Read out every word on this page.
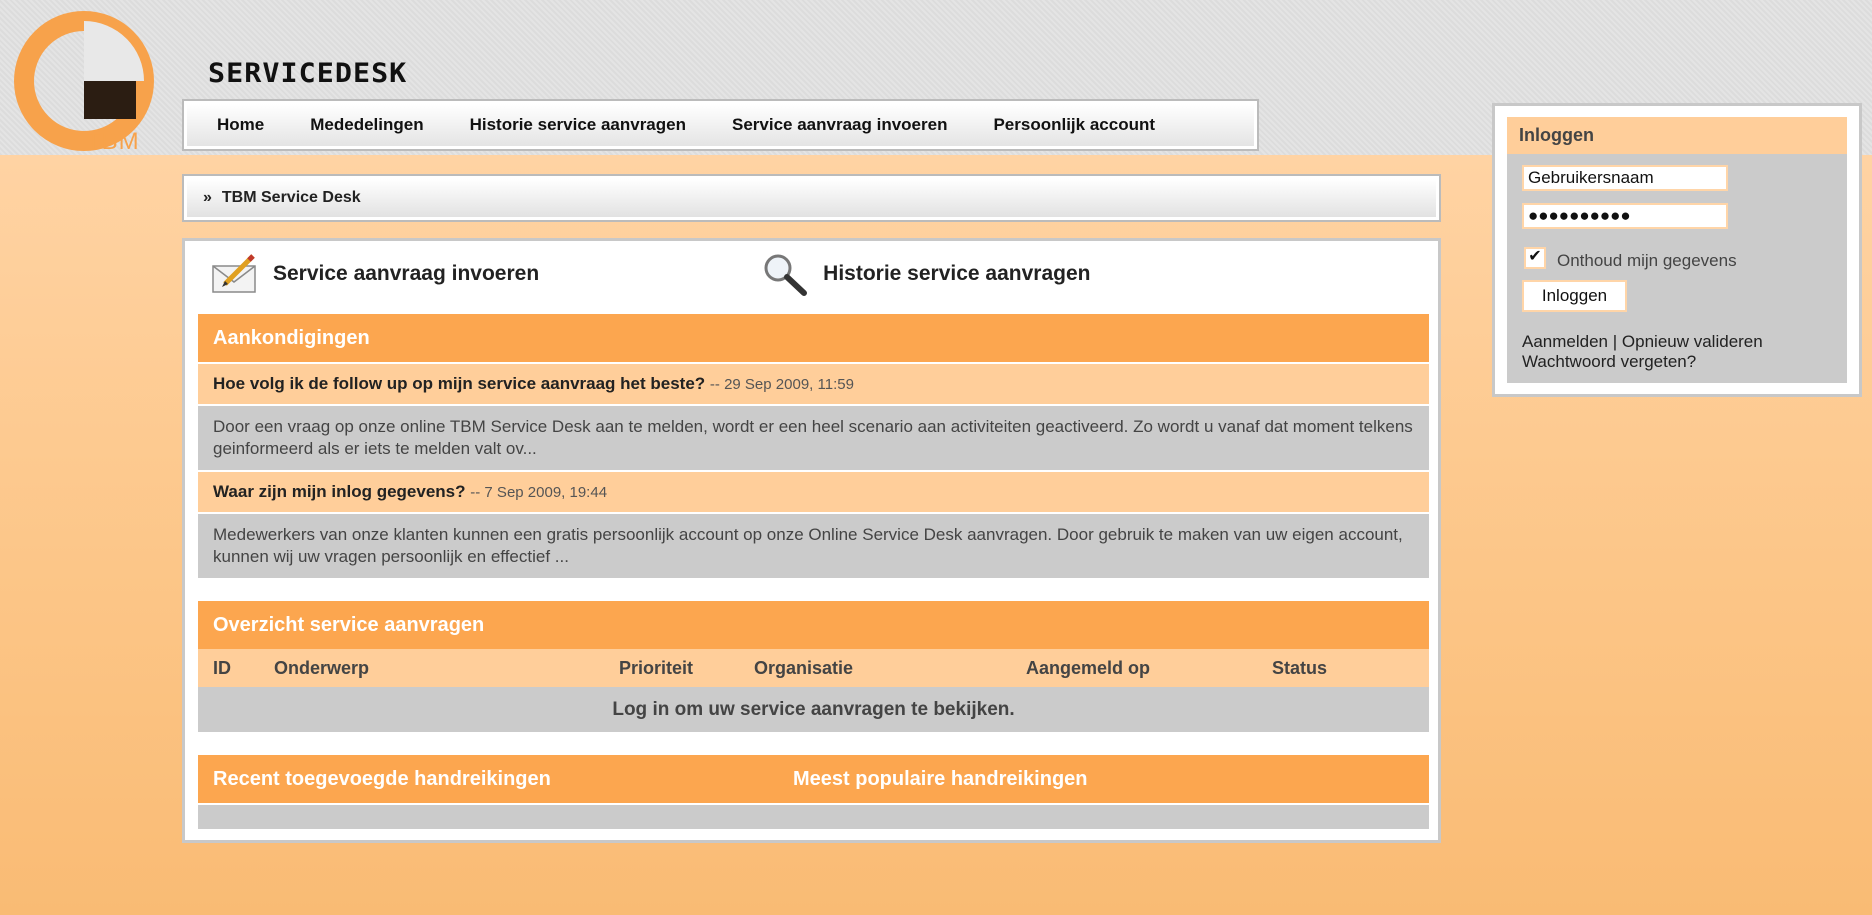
TBM
SERVICEDESK
Home	Mededelingen	Historie service aanvragen	Service aanvraag invoeren	Persoonlijk account
» TBM Service Desk
Service aanvraag invoeren	Historie service aanvragen
Aankondigingen
Hoe volg ik de follow up op mijn service aanvraag het beste? -- 29 Sep 2009, 11:59
Door een vraag op onze online TBM Service Desk aan te melden, wordt er een heel scenario aan activiteiten geactiveerd. Zo wordt u vanaf dat moment telkens geinformeerd als er iets te melden valt ov...
Waar zijn mijn inlog gegevens? -- 7 Sep 2009, 19:44
Medewerkers van onze klanten kunnen een gratis persoonlijk account op onze Online Service Desk aanvragen. Door gebruik te maken van uw eigen account, kunnen wij uw vragen persoonlijk en effectief ...
Overzicht service aanvragen
ID Onderwerp	Prioriteit	Organisatie	Aangemeld op	Status
Log in om uw service aanvragen te bekijken.
Recent toegevoegde handreikingen	Meest populaire handreikingen
Inloggen
Gebruikersnaam
●●●●●●●●●●
✔ Onthoud mijn gegevens
Inloggen
Aanmelden | Opnieuw valideren
Wachtwoord vergeten?
